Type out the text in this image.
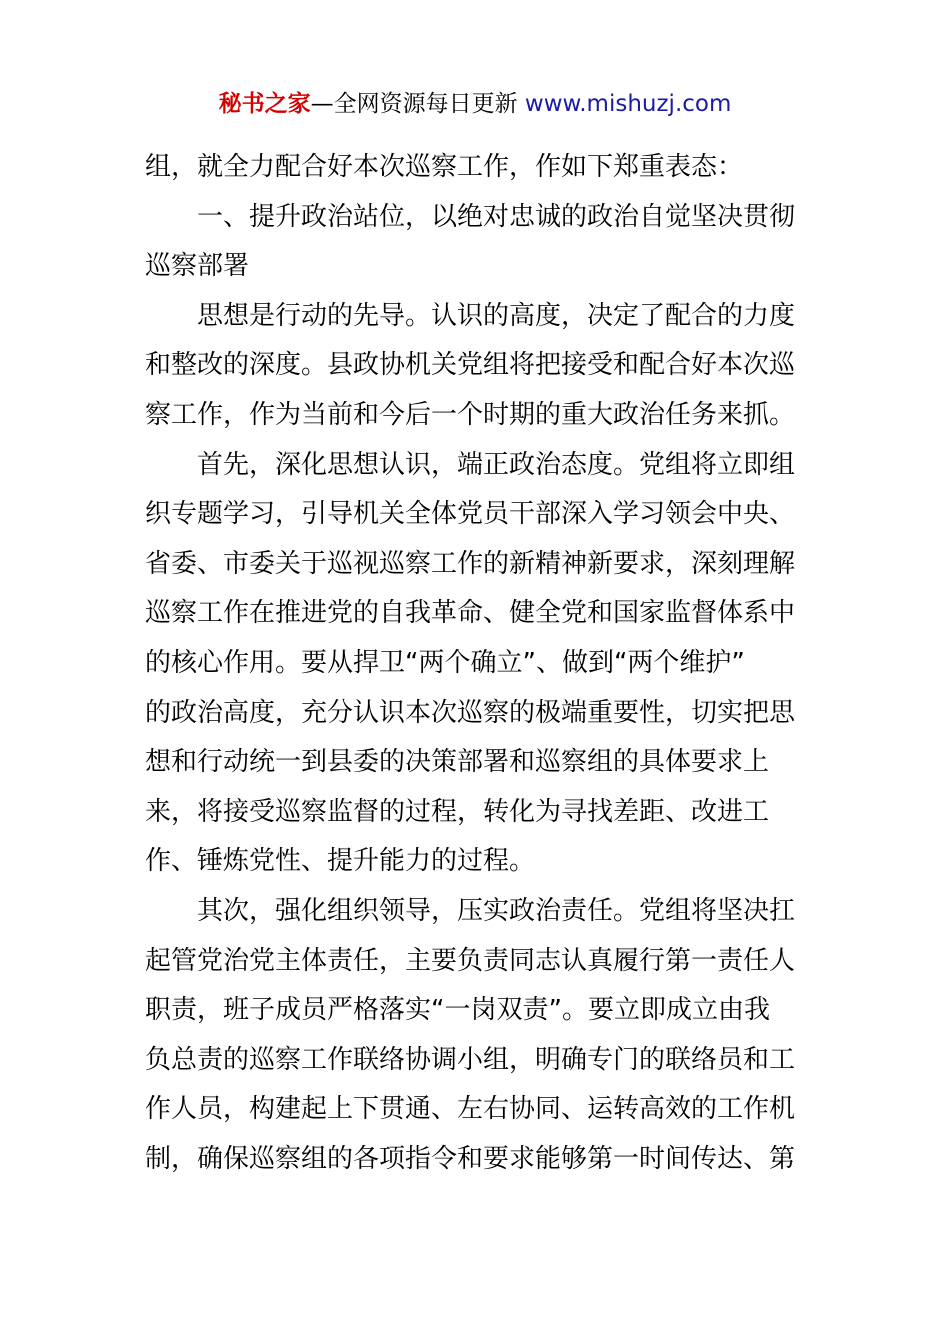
秘书之家—全网资源每日更新 www.mishuzj.com
组，就全力配合好本次巡察工作，作如下郑重表态：
一、提升政治站位，以绝对忠诚的政治自觉坚决贯彻
巡察部署
思想是行动的先导。认识的高度，决定了配合的力度
和整改的深度。县政协机关党组将把接受和配合好本次巡
察工作，作为当前和今后一个时期的重大政治任务来抓。
首先，深化思想认识，端正政治态度。党组将立即组
织专题学习，引导机关全体党员干部深入学习领会中央、
省委、市委关于巡视巡察工作的新精神新要求，深刻理解
巡察工作在推进党的自我革命、健全党和国家监督体系中
的核心作用。要从捍卫“两个确立”、做到“两个维护”
的政治高度，充分认识本次巡察的极端重要性，切实把思
想和行动统一到县委的决策部署和巡察组的具体要求上
来，将接受巡察监督的过程，转化为寻找差距、改进工
作、锤炼党性、提升能力的过程。
其次，强化组织领导，压实政治责任。党组将坚决扛
起管党治党主体责任，主要负责同志认真履行第一责任人
职责，班子成员严格落实“一岗双责”。要立即成立由我
负总责的巡察工作联络协调小组，明确专门的联络员和工
作人员，构建起上下贯通、左右协同、运转高效的工作机
制，确保巡察组的各项指令和要求能够第一时间传达、第
